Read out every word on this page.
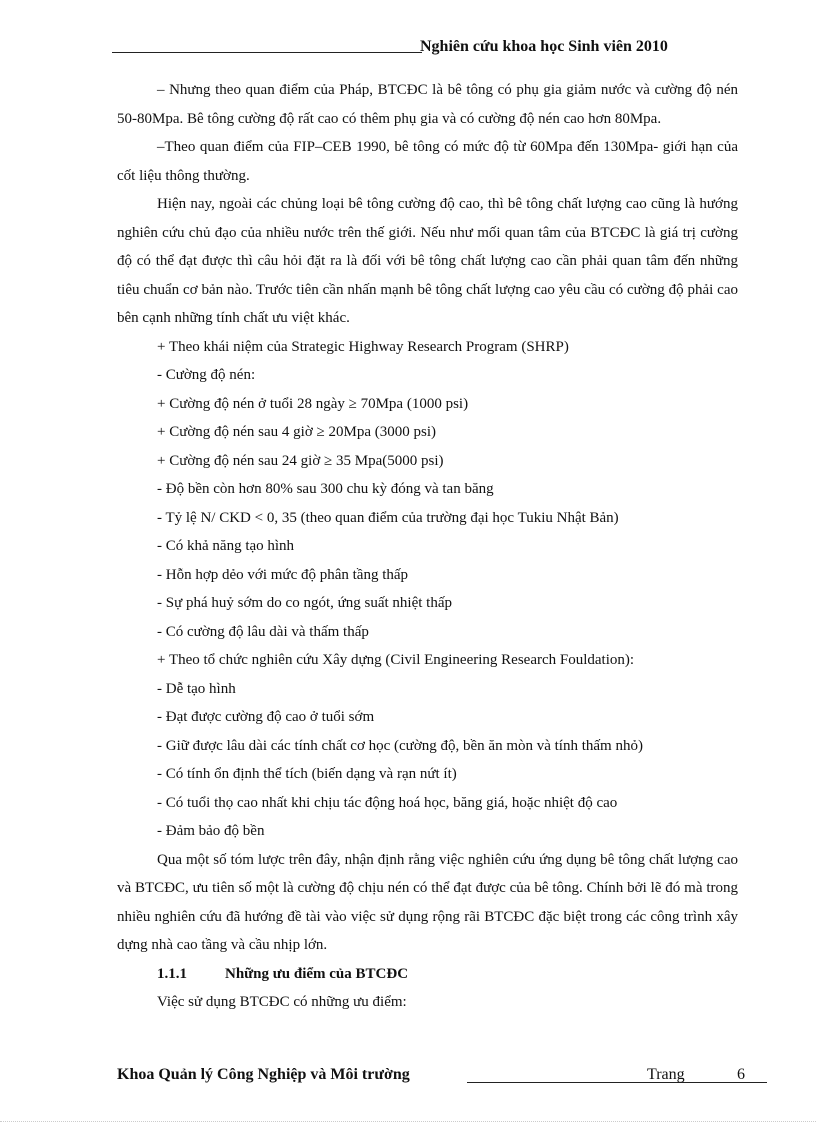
Nghiên cứu khoa học Sinh viên 2010

– Nhưng theo quan điểm của Pháp, BTCĐC là bê tông có phụ gia giảm nước và cường độ nén 50-80Mpa. Bê tông cường độ rất cao có thêm phụ gia và có cường độ nén cao hơn 80Mpa.

–Theo quan điểm của FIP–CEB 1990, bê tông có mức độ từ 60Mpa đến 130Mpa- giới hạn của cốt liệu thông thường.

Hiện nay, ngoài các chủng loại bê tông cường độ cao, thì bê tông chất lượng cao cũng là hướng nghiên cứu chủ đạo của nhiều nước trên thế giới. Nếu như mối quan tâm của BTCĐC là giá trị cường độ có thể đạt được thì câu hỏi đặt ra là đối với bê tông chất lượng cao cần phải quan tâm đến những tiêu chuẩn cơ bản nào. Trước tiên cần nhấn mạnh bê tông chất lượng cao yêu cầu có cường độ phải cao bên cạnh những tính chất ưu việt khác.

+ Theo khái niệm của Strategic Highway Research Program (SHRP)

- Cường độ nén:

+ Cường độ nén ở tuổi 28 ngày ≥ 70Mpa (1000 psi)

+ Cường độ nén sau 4 giờ ≥ 20Mpa (3000 psi)

+ Cường độ nén sau 24 giờ ≥ 35 Mpa(5000 psi)

- Độ bền còn hơn 80% sau 300 chu kỳ đóng và tan băng

- Tỷ lệ N/ CKD < 0, 35 (theo quan điểm của trường đại học Tukiu Nhật Bản)

- Có khả năng tạo hình

- Hỗn hợp dẻo với mức độ phân tầng thấp

- Sự phá huỷ sớm do co ngót, ứng suất nhiệt thấp

- Có cường độ lâu dài và thấm thấp

+ Theo tổ chức nghiên cứu Xây dựng (Civil Engineering Research Fouldation):

- Dễ tạo hình

- Đạt được cường độ cao ở tuổi sớm

- Giữ được lâu dài các tính chất cơ học (cường độ, bền ăn mòn và tính thấm nhỏ)

- Có tính ổn định thể tích (biến dạng và rạn nứt ít)

- Có tuổi thọ cao nhất khi chịu tác động hoá học, băng giá, hoặc nhiệt độ cao

- Đảm bảo độ bền

Qua một số tóm lược trên đây, nhận định rằng việc nghiên cứu ứng dụng bê tông chất lượng cao và BTCĐC, ưu tiên số một là cường độ chịu nén có thể đạt được của bê tông. Chính bởi lẽ đó mà trong nhiều nghiên cứu đã hướng đề tài vào việc sử dụng rộng rãi BTCĐC đặc biệt trong các công trình xây dựng nhà cao tầng và cầu nhịp lớn.

1.1.1	Những ưu điểm của BTCĐC

Việc sử dụng BTCĐC có những ưu điểm:

Khoa Quản lý Công Nghiệp và Môi trường	Trang	6
